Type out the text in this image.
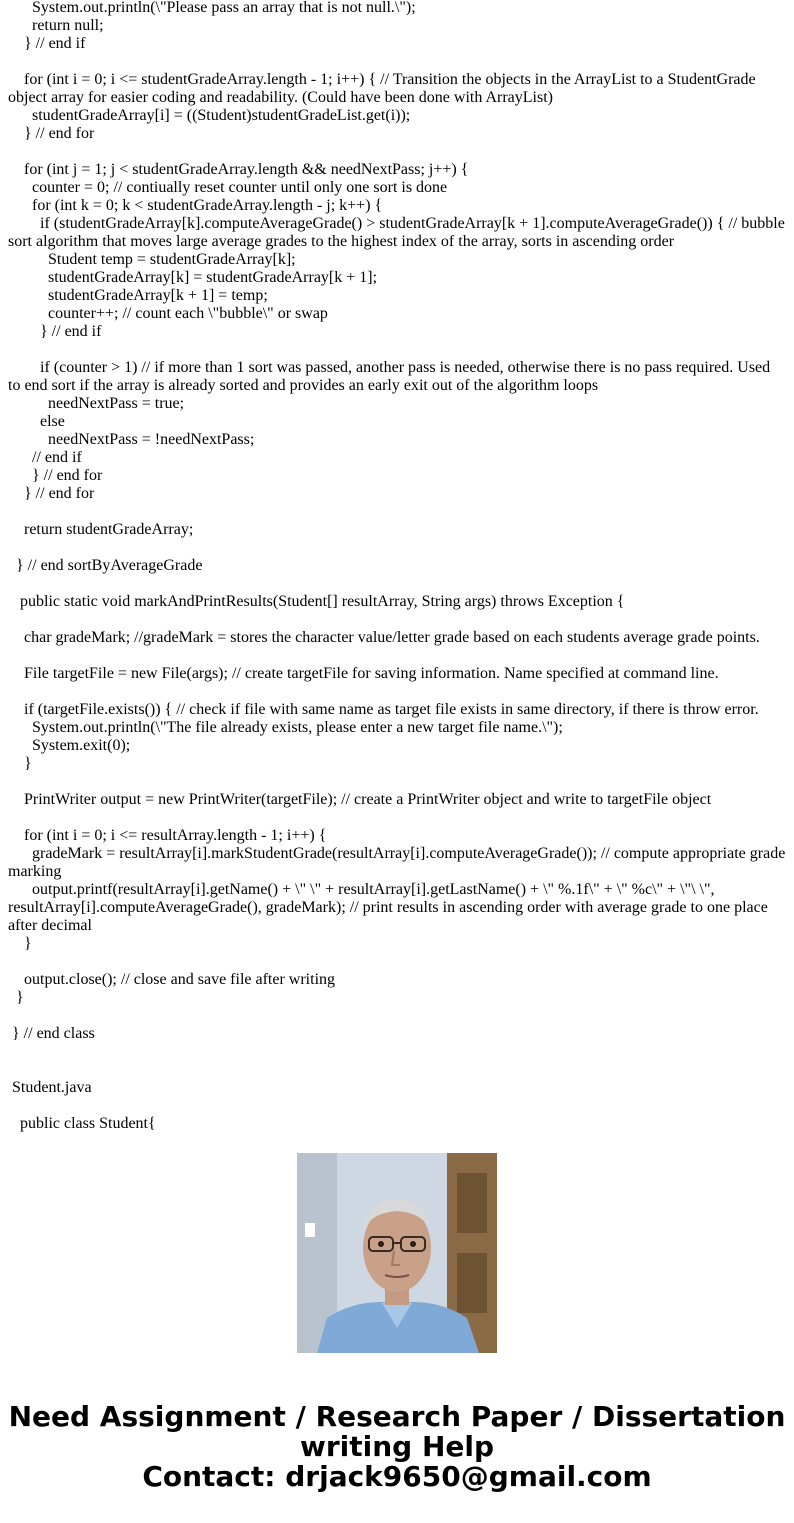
System.out.println(\"Please pass an array that is not null.\");
return null;
} // end if
for (int i = 0; i <= studentGradeArray.length - 1; i++) { // Transition the objects in the ArrayList to a StudentGrade object array for easier coding and readability. (Could have been done with ArrayList)
studentGradeArray[i] = ((Student)studentGradeList.get(i));
} // end for
for (int j = 1; j < studentGradeArray.length && needNextPass; j++) {
counter = 0; // contiually reset counter until only one sort is done
for (int k = 0; k < studentGradeArray.length - j; k++) {
if (studentGradeArray[k].computeAverageGrade() > studentGradeArray[k + 1].computeAverageGrade()) { // bubble sort algorithm that moves large average grades to the highest index of the array, sorts in ascending order
Student temp = studentGradeArray[k];
studentGradeArray[k] = studentGradeArray[k + 1];
studentGradeArray[k + 1] = temp;
counter++; // count each \"bubble\" or swap
} // end if
if (counter > 1) // if more than 1 sort was passed, another pass is needed, otherwise there is no pass required. Used to end sort if the array is already sorted and provides an early exit out of the algorithm loops
needNextPass = true;
else
needNextPass = !needNextPass;
// end if
} // end for
} // end for
return studentGradeArray;
} // end sortByAverageGrade
public static void markAndPrintResults(Student[] resultArray, String args) throws Exception {
char gradeMark; //gradeMark = stores the character value/letter grade based on each students average grade points.
File targetFile = new File(args); // create targetFile for saving information. Name specified at command line.
if (targetFile.exists()) { // check if file with same name as target file exists in same directory, if there is throw error.
System.out.println(\"The file already exists, please enter a new target file name.\");
System.exit(0);
}
PrintWriter output = new PrintWriter(targetFile); // create a PrintWriter object and write to targetFile object
for (int i = 0; i <= resultArray.length - 1; i++) {
gradeMark = resultArray[i].markStudentGrade(resultArray[i].computeAverageGrade()); // compute appropriate grade marking
output.printf(resultArray[i].getName() + \" \" + resultArray[i].getLastName() + \" %.1f\" + \" %c\" + \"\ \", resultArray[i].computeAverageGrade(), gradeMark); // print results in ascending order with average grade to one place after decimal
}
output.close(); // close and save file after writing
}
} // end class
Student.java
public class Student{
Need Assignment / Research Paper / Dissertation writing Help
Contact: drjack9650@gmail.com
